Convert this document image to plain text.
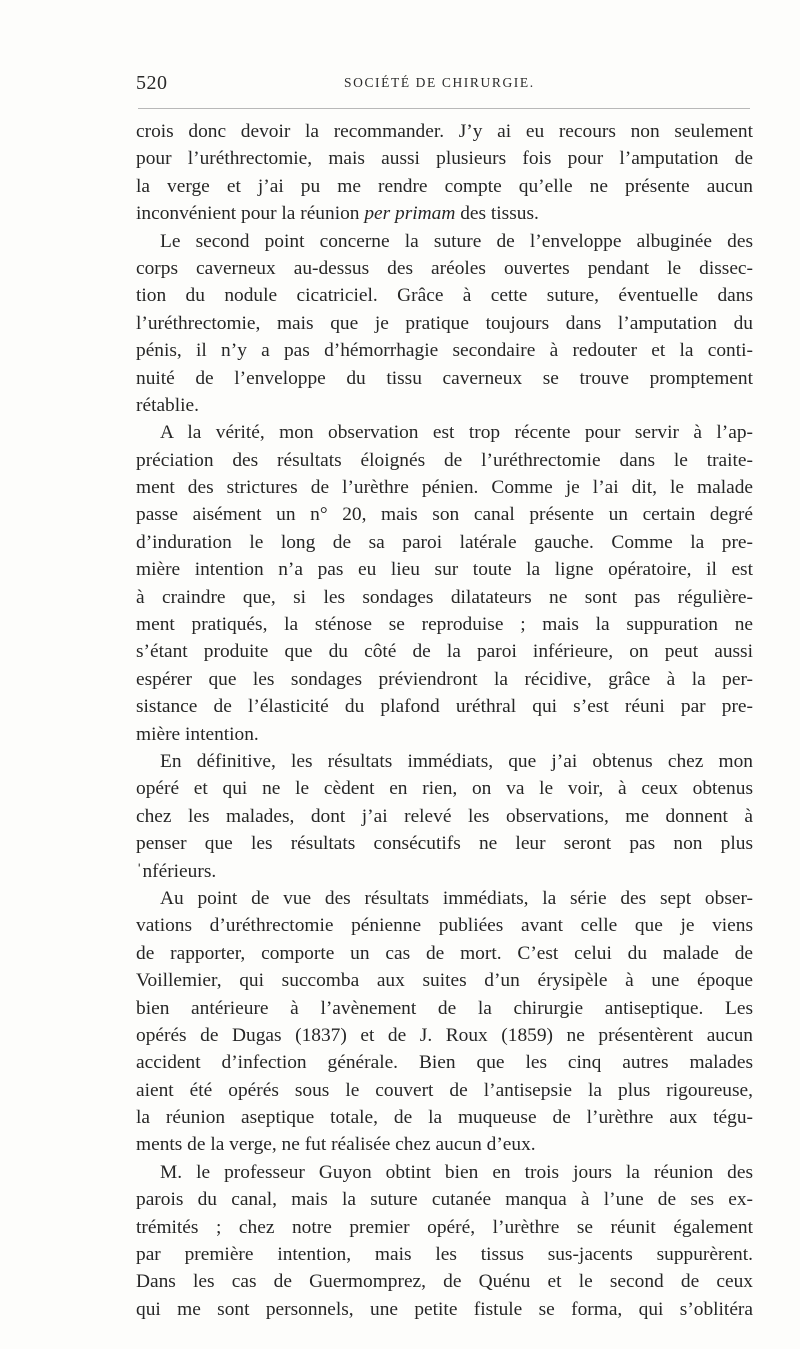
520	SOCIÉTÉ DE CHIRURGIE.
crois donc devoir la recommander. J’y ai eu recours non seulement
pour l’uréthrectomie, mais aussi plusieurs fois pour l’amputation de
la verge et j’ai pu me rendre compte qu’elle ne présente aucun
inconvénient pour la réunion per primam des tissus.
Le second point concerne la suture de l’enveloppe albuginée des
corps caverneux au-dessus des aréoles ouvertes pendant le dissec-
tion du nodule cicatriciel. Grâce à cette suture, éventuelle dans
l’uréthrectomie, mais que je pratique toujours dans l’amputation du
pénis, il n’y a pas d’hémorrhagie secondaire à redouter et la conti-
nuité de l’enveloppe du tissu caverneux se trouve promptement
rétablie.
A la vérité, mon observation est trop récente pour servir à l’ap-
préciation des résultats éloignés de l’uréthrectomie dans le traite-
ment des strictures de l’urèthre pénien. Comme je l’ai dit, le malade
passe aisément un n° 20, mais son canal présente un certain degré
d’induration le long de sa paroi latérale gauche. Comme la pre-
mière intention n’a pas eu lieu sur toute la ligne opératoire, il est
à craindre que, si les sondages dilatateurs ne sont pas régulière-
ment pratiqués, la sténose se reproduise ; mais la suppuration ne
s’étant produite que du côté de la paroi inférieure, on peut aussi
espérer que les sondages préviendront la récidive, grâce à la per-
sistance de l’élasticité du plafond uréthral qui s’est réuni par pre-
mière intention.
En définitive, les résultats immédiats, que j’ai obtenus chez mon
opéré et qui ne le cèdent en rien, on va le voir, à ceux obtenus
chez les malades, dont j’ai relevé les observations, me donnent à
penser que les résultats consécutifs ne leur seront pas non plus
ˈnférieurs.
Au point de vue des résultats immédiats, la série des sept obser-
vations d’uréthrectomie pénienne publiées avant celle que je viens
de rapporter, comporte un cas de mort. C’est celui du malade de
Voillemier, qui succomba aux suites d’un érysipèle à une époque
bien antérieure à l’avènement de la chirurgie antiseptique. Les
opérés de Dugas (1837) et de J. Roux (1859) ne présentèrent aucun
accident d’infection générale. Bien que les cinq autres malades
aient été opérés sous le couvert de l’antisepsie la plus rigoureuse,
la réunion aseptique totale, de la muqueuse de l’urèthre aux tégu-
ments de la verge, ne fut réalisée chez aucun d’eux.
M. le professeur Guyon obtint bien en trois jours la réunion des
parois du canal, mais la suture cutanée manqua à l’une de ses ex-
trémités ; chez notre premier opéré, l’urèthre se réunit également
par première intention, mais les tissus sus-jacents suppurèrent.
Dans les cas de Guermomprez, de Quénu et le second de ceux
qui me sont personnels, une petite fistule se forma, qui s’oblitéra
